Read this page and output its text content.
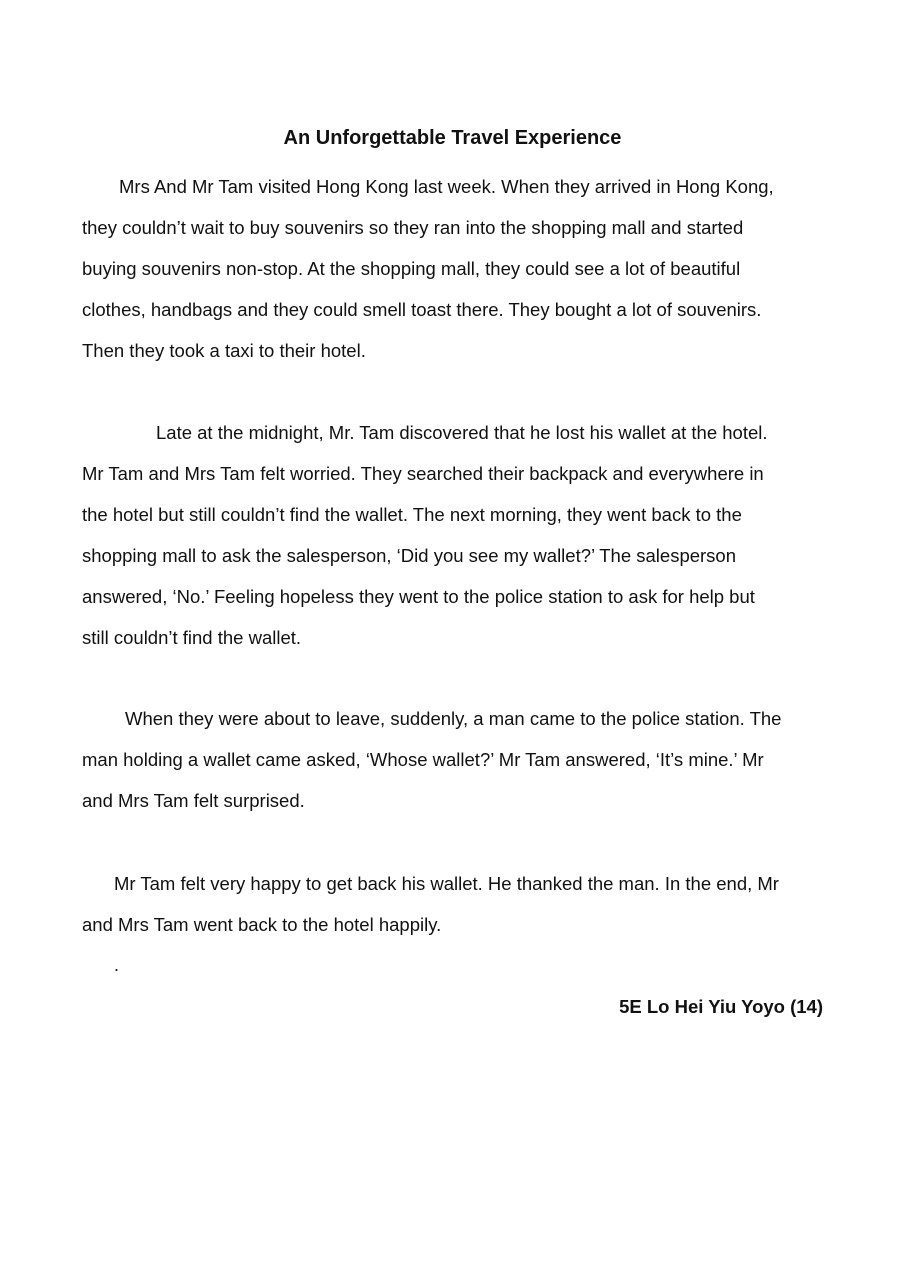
An Unforgettable Travel Experience

Mrs And Mr Tam visited Hong Kong last week. When they arrived in Hong Kong,
they couldn’t wait to buy souvenirs so they ran into the shopping mall and started
buying souvenirs non-stop. At the shopping mall, they could see a lot of beautiful
clothes, handbags and they could smell toast there. They bought a lot of souvenirs.
Then they took a taxi to their hotel.

Late at the midnight, Mr. Tam discovered that he lost his wallet at the hotel.
Mr Tam and Mrs Tam felt worried. They searched their backpack and everywhere in
the hotel but still couldn’t find the wallet. The next morning, they went back to the
shopping mall to ask the salesperson, ‘Did you see my wallet?’ The salesperson
answered, ‘No.’ Feeling hopeless they went to the police station to ask for help but
still couldn’t find the wallet.

When they were about to leave, suddenly, a man came to the police station. The
man holding a wallet came asked, ‘Whose wallet?’ Mr Tam answered, ‘It’s mine.’ Mr
and Mrs Tam felt surprised.

Mr Tam felt very happy to get back his wallet. He thanked the man. In the end, Mr
and Mrs Tam went back to the hotel happily.

.
5E Lo Hei Yiu Yoyo (14)
